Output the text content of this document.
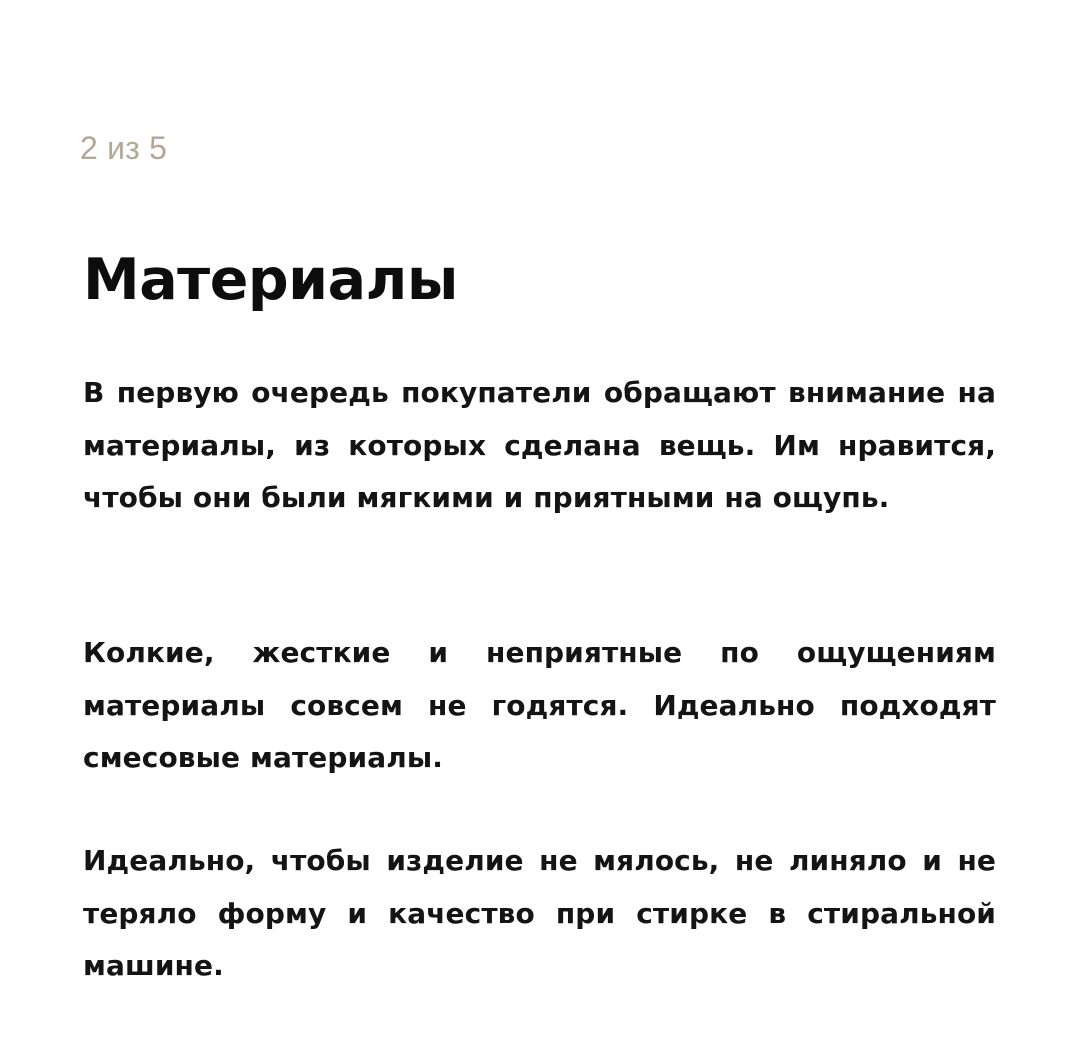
2 из 5
Материалы

В первую очередь покупатели обращают внимание на материалы, из которых сделана вещь. Им нравится, чтобы они были мягкими и приятными на ощупь.

Колкие, жесткие и неприятные по ощущениям материалы совсем не годятся. Идеально подходят смесовые материалы.

Идеально, чтобы изделие не мялось, не линяло и не теряло форму и качество при стирке в стиральной машине.
